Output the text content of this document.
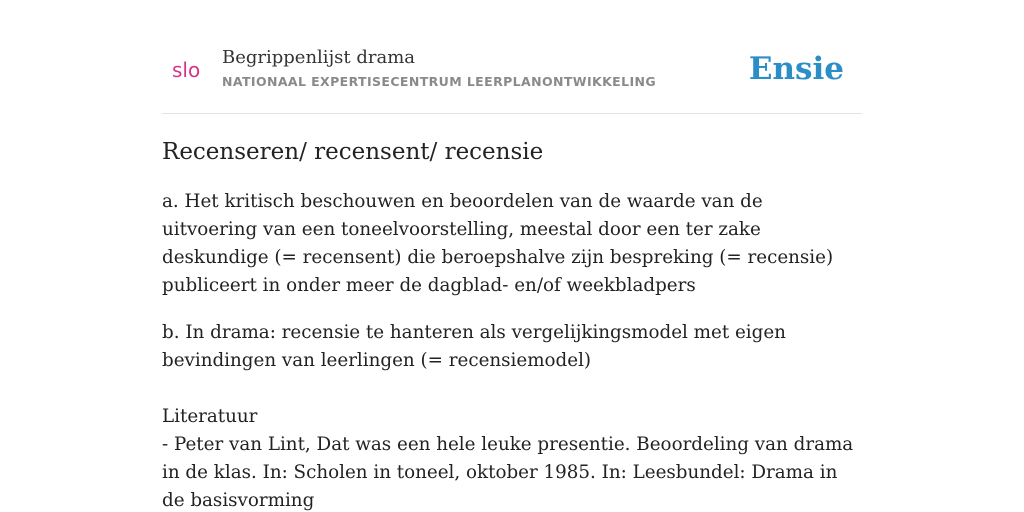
slo
Begrippenlijst drama
NATIONAAL EXPERTISECENTRUM LEERPLANONTWIKKELING	Ensie
Recenseren/ recensent/ recensie

a. Het kritisch beschouwen en beoordelen van de waarde van de uitvoering van een toneelvoorstelling, meestal door een ter zake deskundige (= recensent) die beroepshalve zijn bespreking (= recensie) publiceert in onder meer de dagblad- en/of weekbladpers

b. In drama: recensie te hanteren als vergelijkingsmodel met eigen bevindingen van leerlingen (= recensiemodel)

Literatuur

- Peter van Lint, Dat was een hele leuke presentie. Beoordeling van drama in de klas. In: Scholen in toneel, oktober 1985. In: Leesbundel: Drama in de basisvorming
